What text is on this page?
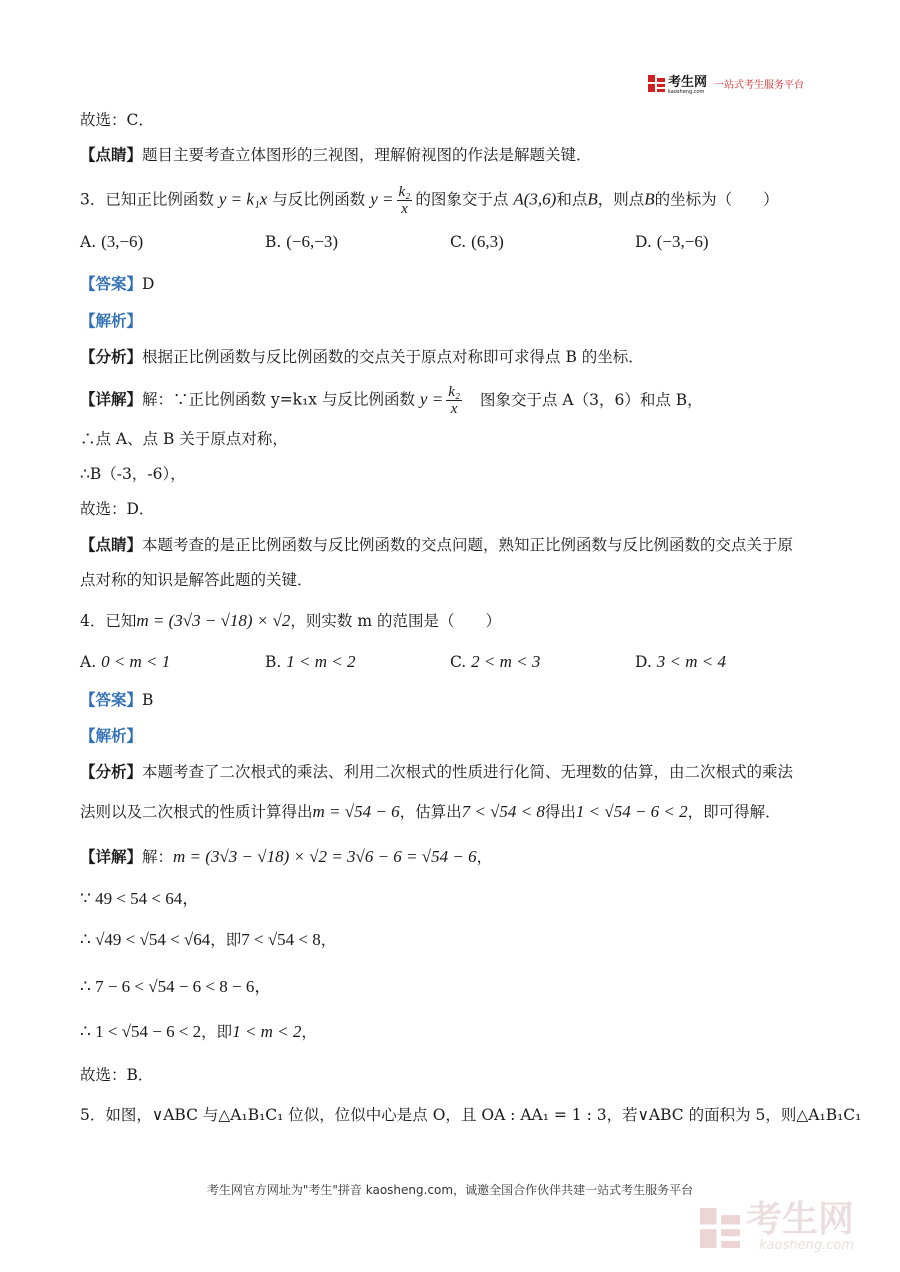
考生网
kaosheng.com
一站式考生服务平台
故选：C．
【点睛】题目主要考查立体图形的三视图，理解俯视图的作法是解题关键．
3．已知正比例函数 y = k₁x 与反比例函数 $y = \frac{\text{k₂}}{x}$ 的图象交于点 A(3,6)和点B，则点B的坐标为（　　）
A. (3,−6)	B. (−6,−3)	C. (6,3)	D. (−3,−6)
【答案】D
【解析】
【分析】根据正比例函数与反比例函数的交点关于原点对称即可求得点 B 的坐标．
【详解】解：∵正比例函数 y=k₁x 与反比例函数 $y = \frac{\text{k₂}}{x}$ 图象交于点 A（3，6）和点 B，
∴点 A、点 B 关于原点对称，
∴B（-3，-6），
故选：D．
【点睛】本题考查的是正比例函数与反比例函数的交点问题，熟知正比例函数与反比例函数的交点关于原
点对称的知识是解答此题的关键．
4．已知m = (3√3 − √18) × √2，则实数 m 的范围是（　　）
A. 0 < m < 1	B. 1 < m < 2	C. 2 < m < 3	D. 3 < m < 4
【答案】B
【解析】
【分析】本题考查了二次根式的乘法、利用二次根式的性质进行化简、无理数的估算，由二次根式的乘法
法则以及二次根式的性质计算得出m = √54 − 6，估算出7 < √54 < 8得出1 < √54 − 6 < 2，即可得解．
【详解】解：m = (3√3 − √18) × √2 = 3√6 − 6 = √54 − 6，
∵ 49 < 54 < 64，
∴ √49 < √54 < √64，即7 < √54 < 8，
∴ 7 − 6 < √54 − 6 < 8 − 6，
∴ 1 < √54 − 6 < 2，即1 < m < 2，
故选：B．
5．如图，∨ABC 与△A₁B₁C₁ 位似，位似中心是点 O，且 OA : AA₁ = 1 : 3，若∨ABC 的面积为 5，则△A₁B₁C₁
考生网官方网址为"考生"拼音 kaosheng.com，诚邀全国合作伙伴共建一站式考生服务平台
考生网
kaosheng.com
